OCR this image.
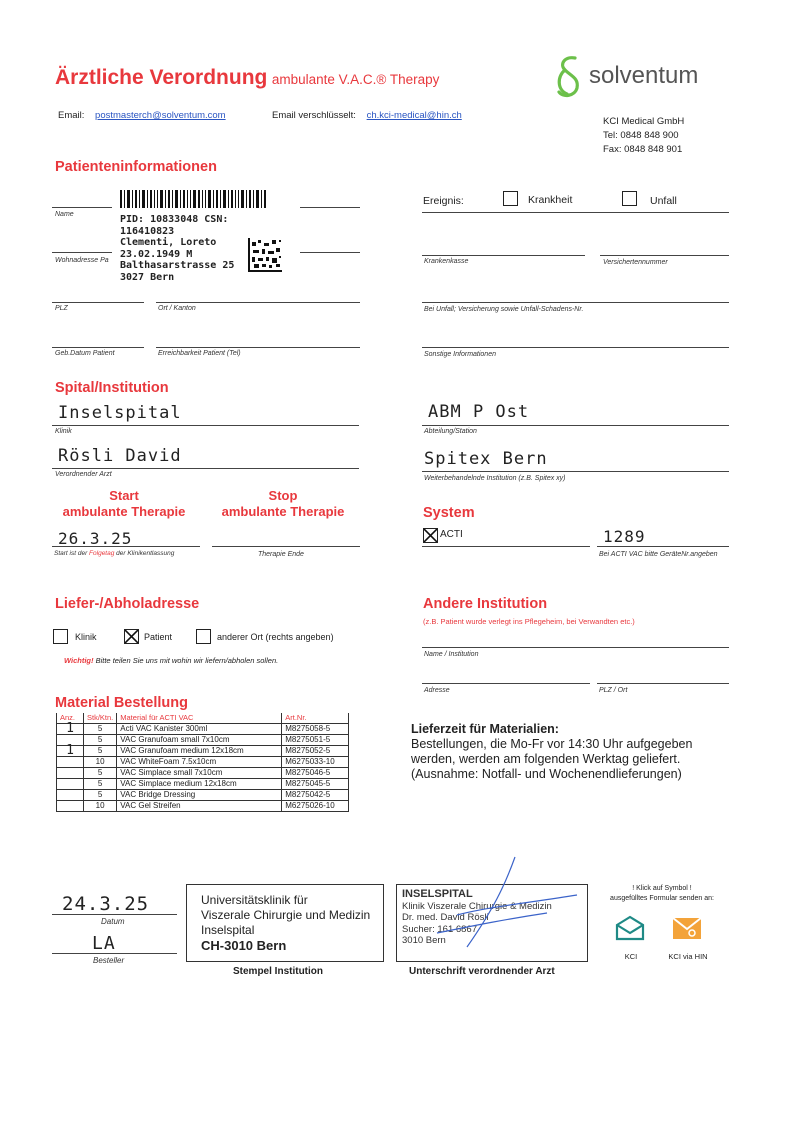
Ärztliche Verordnung ambulante V.A.C.® Therapy	solventum
Email: postmasterch@solventum.com	Email verschlüsselt: ch.kci-medical@hin.ch
KCI Medical GmbH
Tel: 0848 848 900
Fax: 0848 848 901
Patienteninformationen
Name
Wohnadresse Pa
PID: 10833048 CSN: 116410823
Clementi, Loreto
23.02.1949 M
Balthasarstrasse 25
3027 Bern
PLZ	Ort / Kanton
Geb.Datum Patient	Erreichbarkeit Patient (Tel)
Ereignis:	Krankheit	Unfall
Krankenkasse	Versichertennummer
Bei Unfall; Versicherung sowie Unfall-Schadens-Nr.
Sonstige Informationen
Spital/Institution
Inselspital
Klinik
Rösli David
Verordnender Arzt
ABM P Ost
Abteilung/Station
Spitex Bern
Weiterbehandelnde Institution (z.B. Spitex xy)
Start
ambulante Therapie
Stop
ambulante Therapie
26.3.25
Start ist der Folgetag der Klinikentlassung	Therapie Ende
System
ACTI	1289
Bei ACTI VAC bitte GeräteNr.angeben
Liefer-/Abholadresse
Klinik	Patient	anderer Ort (rechts angeben)
Wichtig! Bitte teilen Sie uns mit wohin wir liefern/abholen sollen.
Andere Institution
(z.B. Patient wurde verlegt ins Pflegeheim, bei Verwandten etc.)
Name / Institution
Adresse	PLZ / Ort
Material Bestellung
Anz.	Stk/Ktn.	Material für ACTI VAC	Art.Nr.
1	5	Acti VAC Kanister 300ml	M8275058-5
	5	VAC Granufoam small 7x10cm	M8275051-5
1	5	VAC Granufoam medium 12x18cm	M8275052-5
	10	VAC WhiteFoam 7.5x10cm	M6275033-10
	5	VAC Simplace small 7x10cm	M8275046-5
	5	VAC Simplace medium 12x18cm	M8275045-5
	5	VAC Bridge Dressing	M8275042-5
	10	VAC Gel Streifen	M6275026-10
Lieferzeit für Materialien:
Bestellungen, die Mo-Fr vor 14:30 Uhr aufgegeben
werden, werden am folgenden Werktag geliefert.
(Ausnahme: Notfall- und Wochenendlieferungen)
24.3.25
Datum
LA
Besteller
Universitätsklinik für
Viszerale Chirurgie und Medizin
Inselspital
CH-3010 Bern
Stempel Institution
INSELSPITAL
Klinik Viszerale Chirurgie & Medizin
Dr. med. David Rösli
Sucher: 161 6867
3010 Bern
Unterschrift verordnender Arzt
! Klick auf Symbol !
ausgefülltes Formular senden an:
KCI	KCI via HIN
